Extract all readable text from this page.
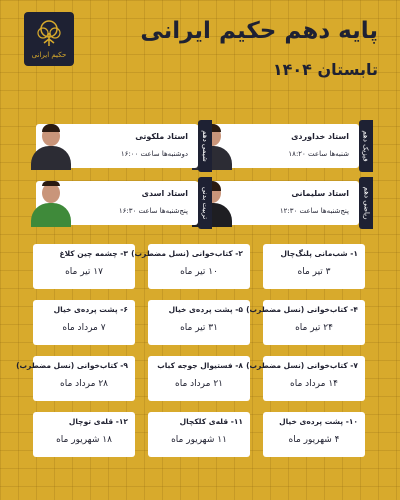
حکیم ایرانی
پایه دهم حکیم ایرانی
تابستان ۱۴۰۴
فیزیک دهم
استاد خداوردی
شنبه‌ها ساعت ۱۸:۲۰
شیمی دهم
استاد ملکوتی
دوشنبه‌ها ساعت ۱۶:۰۰
ریاضی دهم
استاد سلیمانی
پنج‌شنبه‌ها ساعت ۱۲:۳۰
تربیت بدنی
استاد اسدی
پنج‌شنبه‌ها ساعت ۱۶:۳۰
۱- شب‌مانی پلنگ‌چال
۳ تیر ماه
۲- کتاب‌خوانی (نسل مضطرب)
۱۰ تیر ماه
۳- چشمه چین کلاغ
۱۷ تیر ماه
۴- کتاب‌خوانی (نسل مضطرب)
۲۴ تیر ماه
۵- پشت پرده‌ی خیال
۳۱ تیر ماه
۶- پشت پرده‌ی خیال
۷ مرداد ماه
۷- کتاب‌خوانی (نسل مضطرب)
۱۴ مرداد ماه
۸- فستیوال جوجه کباب
۲۱ مرداد ماه
۹- کتاب‌خوانی (نسل مضطرب)
۲۸ مرداد ماه
۱۰- پشت پرده‌ی خیال
۴ شهریور ماه
۱۱- قله‌ی کلکچال
۱۱ شهریور ماه
۱۲- قله‌ی توچال
۱۸ شهریور ماه
